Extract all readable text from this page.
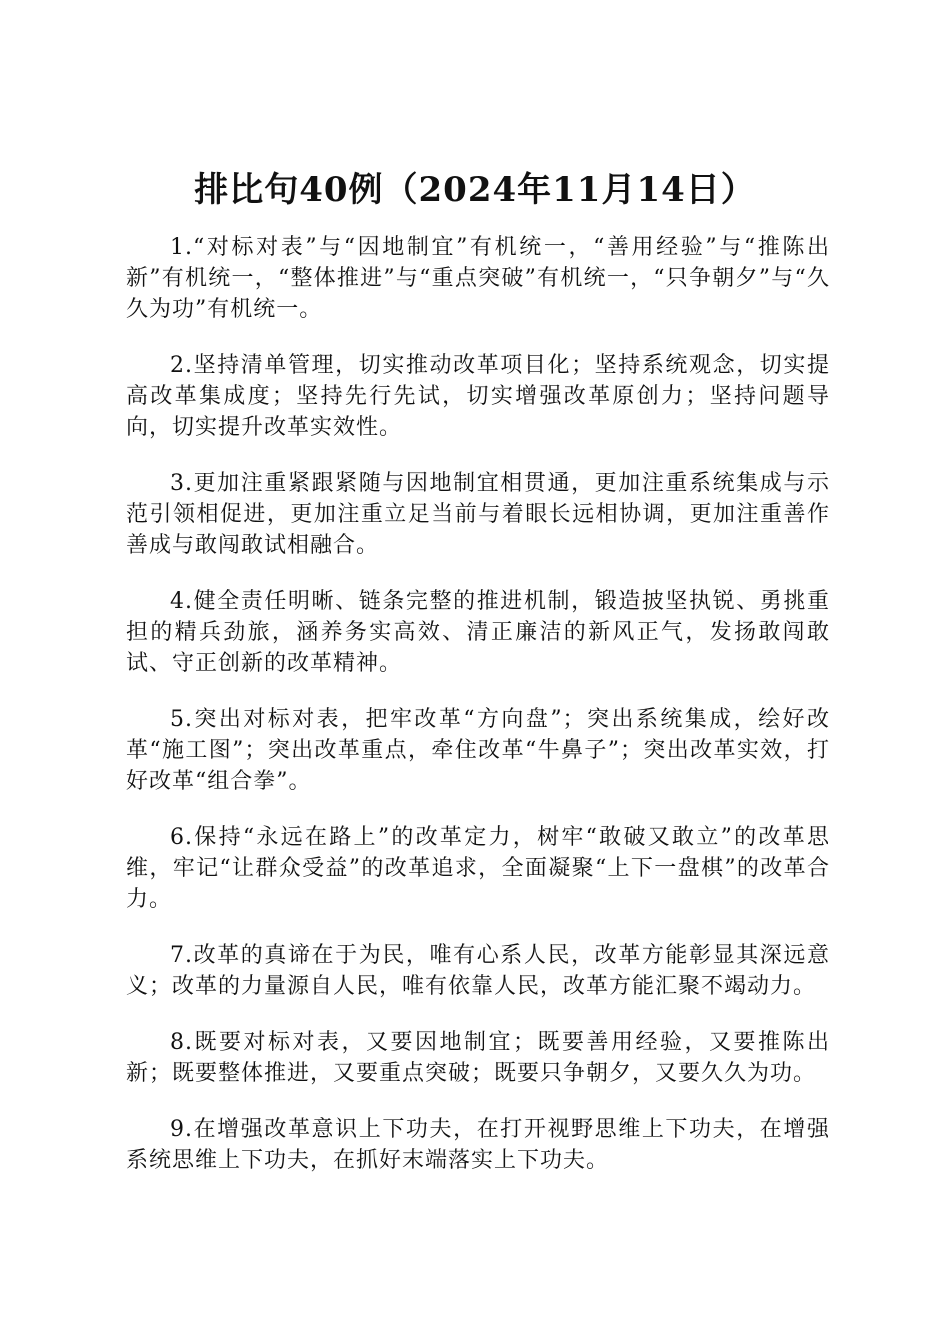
排比句40例（2024年11月14日）

1.“对标对表”与“因地制宜”有机统一，“善用经验”与“推陈出新”有机统一，“整体推进”与“重点突破”有机统一，“只争朝夕”与“久久为功”有机统一。

2.坚持清单管理，切实推动改革项目化；坚持系统观念，切实提高改革集成度；坚持先行先试，切实增强改革原创力；坚持问题导向，切实提升改革实效性。

3.更加注重紧跟紧随与因地制宜相贯通，更加注重系统集成与示范引领相促进，更加注重立足当前与着眼长远相协调，更加注重善作善成与敢闯敢试相融合。

4.健全责任明晰、链条完整的推进机制，锻造披坚执锐、勇挑重担的精兵劲旅，涵养务实高效、清正廉洁的新风正气，发扬敢闯敢试、守正创新的改革精神。

5.突出对标对表，把牢改革“方向盘”；突出系统集成，绘好改革“施工图”；突出改革重点，牵住改革“牛鼻子”；突出改革实效，打好改革“组合拳”。

6.保持“永远在路上”的改革定力，树牢“敢破又敢立”的改革思维，牢记“让群众受益”的改革追求，全面凝聚“上下一盘棋”的改革合力。

7.改革的真谛在于为民，唯有心系人民，改革方能彰显其深远意义；改革的力量源自人民，唯有依靠人民，改革方能汇聚不竭动力。

8.既要对标对表，又要因地制宜；既要善用经验，又要推陈出新；既要整体推进，又要重点突破；既要只争朝夕，又要久久为功。

9.在增强改革意识上下功夫，在打开视野思维上下功夫，在增强系统思维上下功夫，在抓好末端落实上下功夫。
